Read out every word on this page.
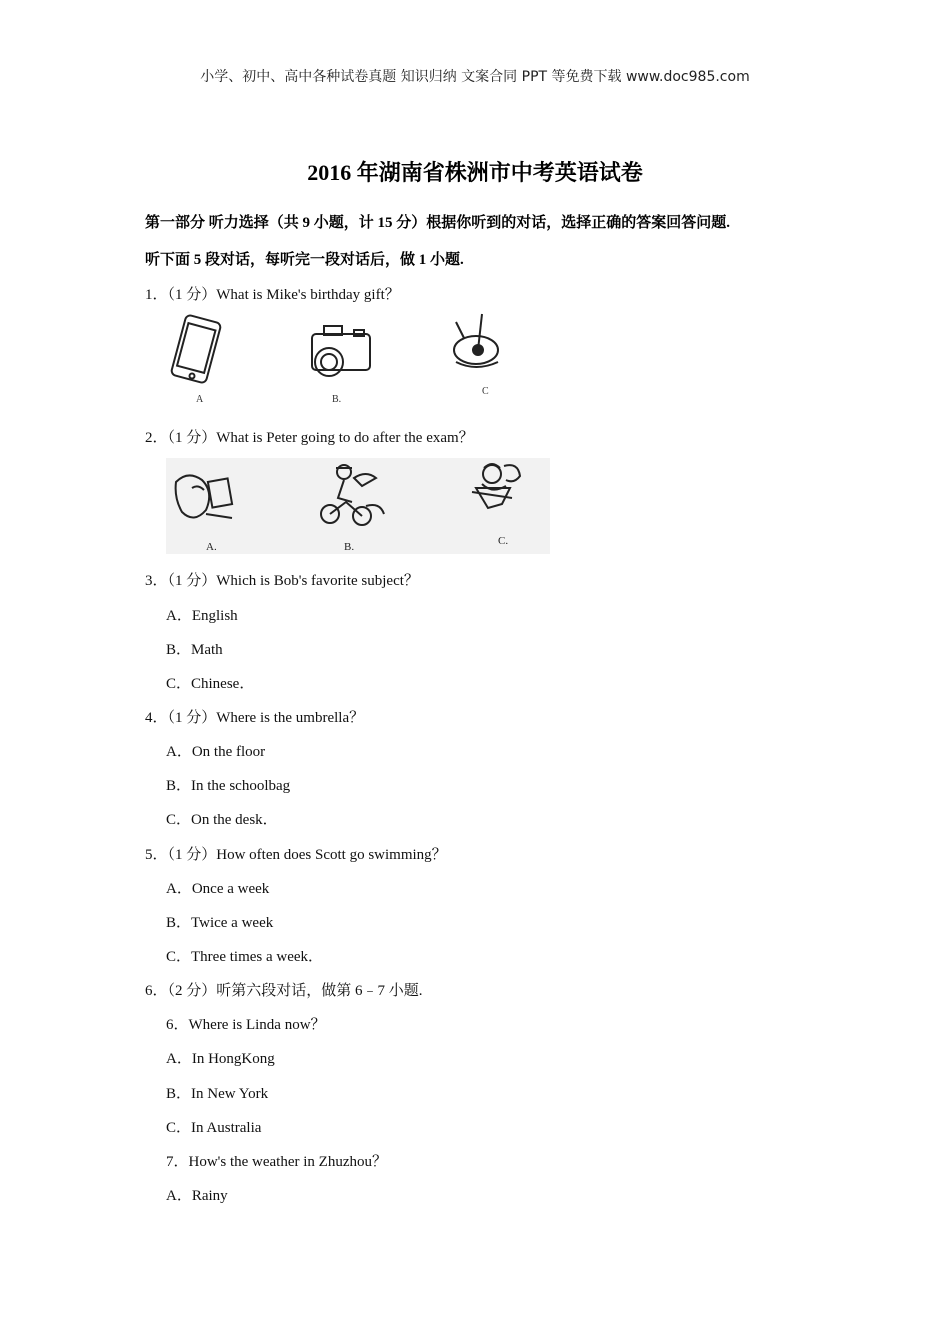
小学、初中、高中各种试卷真题 知识归纳 文案合同 PPT 等免费下载 www.doc985.com
2016 年湖南省株洲市中考英语试卷
第一部分 听力选择（共 9 小题，计 15 分）根据你听到的对话，选择正确的答案回答问题.
听下面 5 段对话，每听完一段对话后，做 1 小题.
1．（1 分）What is Mike's birthday gift？
A	B.
C
2．（1 分）What is Peter going to do after the exam？
A.	B.	C.
3．（1 分）Which is Bob's favorite subject？
A．English
B．Math
C．Chinese．
4．（1 分）Where is the umbrella？
A．On the floor
B．In the schoolbag
C．On the desk．
5．（1 分）How often does Scott go swimming？
A．Once a week
B．Twice a week
C．Three times a week．
6．（2 分）听第六段对话，做第 6﹣7 小题.
6．Where is Linda now？
A．In HongKong
B．In New York
C．In Australia
7．How's the weather in Zhuzhou？
A．Rainy
